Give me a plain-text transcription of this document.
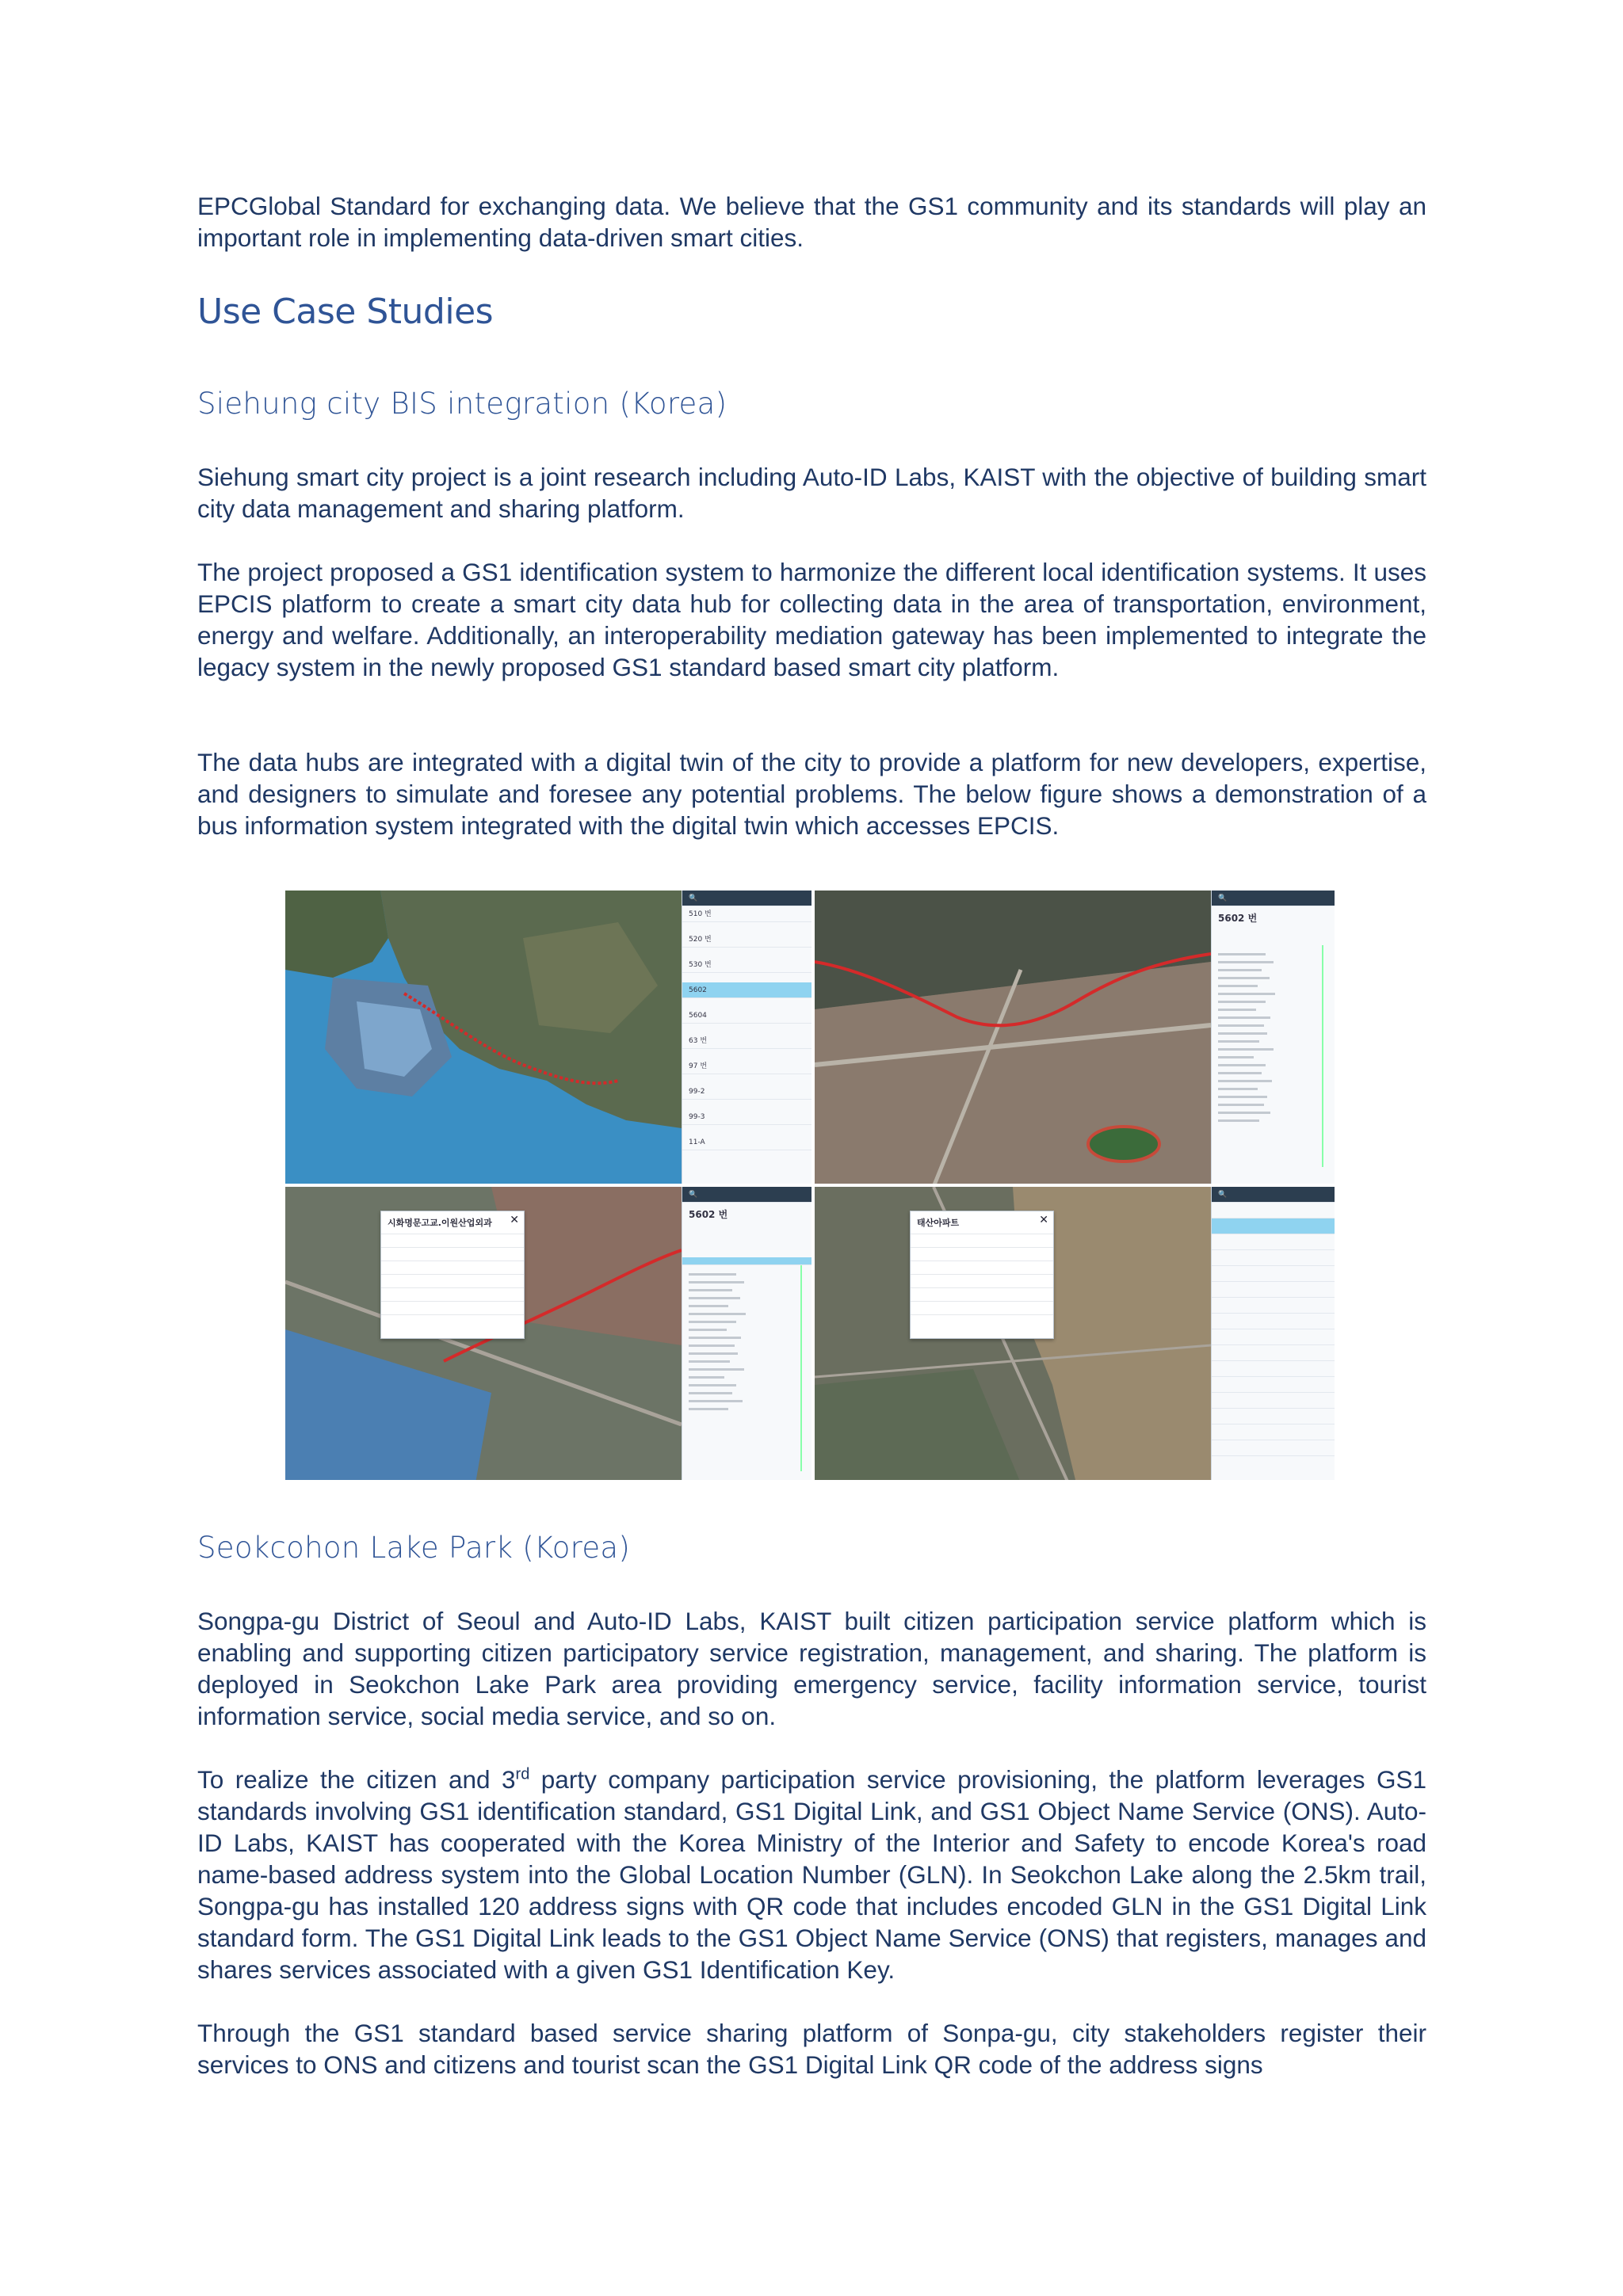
EPCGlobal Standard for exchanging data. We believe that the GS1 community and its standards will play an important role in implementing data-driven smart cities.

Use Case Studies
Siehung city BIS integration (Korea)

Siehung smart city project is a joint research including Auto-ID Labs, KAIST with the objective of building smart city data management and sharing platform.

The project proposed a GS1 identification system to harmonize the different local identification systems. It uses EPCIS platform to create a smart city data hub for collecting data in the area of transportation, environment, energy and welfare. Additionally, an interoperability mediation gateway has been implemented to integrate the legacy system in the newly proposed GS1 standard based smart city platform.

The data hubs are integrated with a digital twin of the city to provide a platform for new developers, expertise, and designers to simulate and foresee any potential problems. The below figure shows a demonstration of a bus information system integrated with the digital twin which accesses EPCIS.

Seokcohon Lake Park (Korea)

Songpa-gu District of Seoul and Auto-ID Labs, KAIST built citizen participation service platform which is enabling and supporting citizen participatory service registration, management, and sharing. The platform is deployed in Seokchon Lake Park area providing emergency service, facility information service, tourist information service, social media service, and so on.

To realize the citizen and 3rd party company participation service provisioning, the platform leverages GS1 standards involving GS1 identification standard, GS1 Digital Link, and GS1 Object Name Service (ONS). Auto-ID Labs, KAIST has cooperated with the Korea Ministry of the Interior and Safety to encode Korea's road name-based address system into the Global Location Number (GLN). In Seokchon Lake along the 2.5km trail, Songpa-gu has installed 120 address signs with QR code that includes encoded GLN in the GS1 Digital Link standard form. The GS1 Digital Link leads to the GS1 Object Name Service (ONS) that registers, manages and shares services associated with a given GS1 Identification Key.

Through the GS1 standard based service sharing platform of Sonpa-gu, city stakeholders register their services to ONS and citizens and tourist scan the GS1 Digital Link QR code of the address signs

🔍
510 번
520 번
530 번
5602
5604
63 번
97 번
99-2
99-3
11-A
🔍
5602 번
시화명문고교.이원산업외과	✕
🔍
5602 번
태산아파트	✕
🔍
